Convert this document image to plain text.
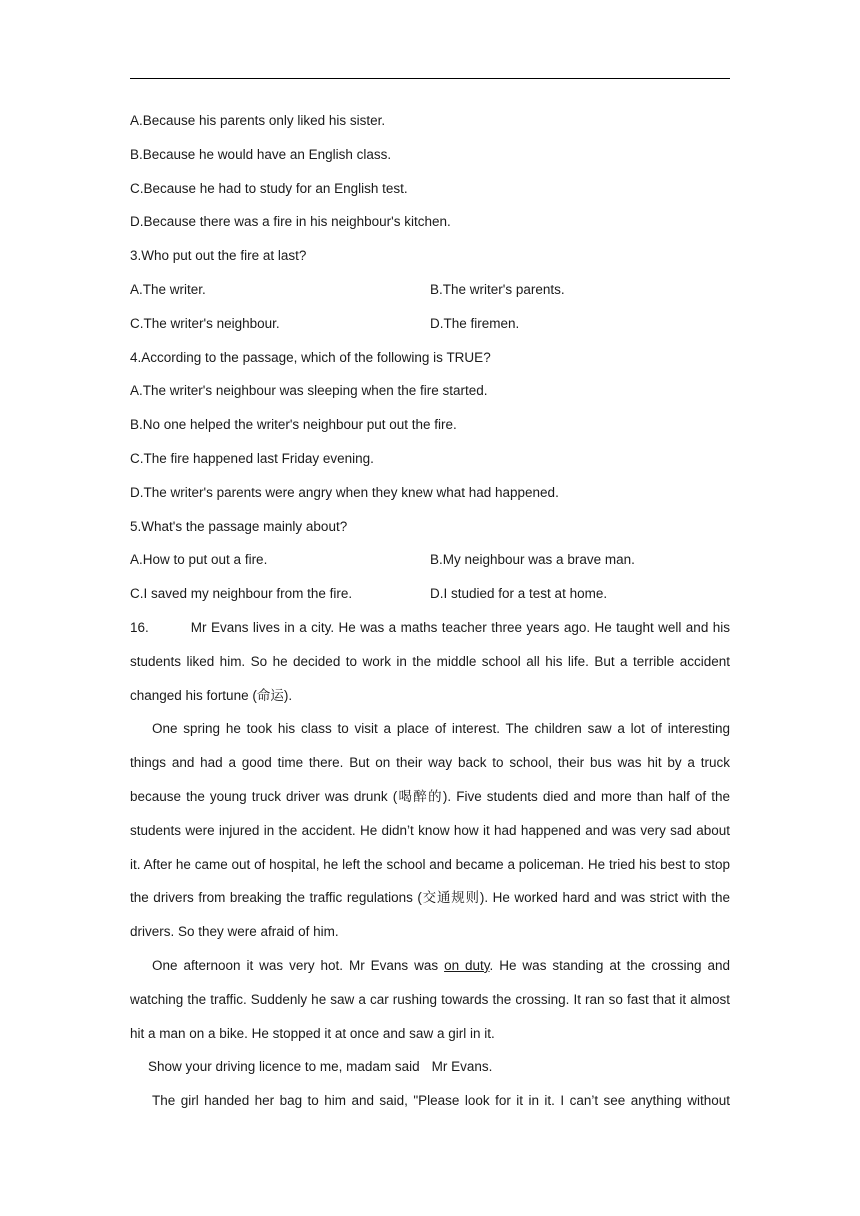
A.Because his parents only liked his sister.

B.Because he would have an English class.

C.Because he had to study for an English test.

D.Because there was a fire in his neighbour's kitchen.

3.Who put out the fire at last?

A.The writer.	B.The writer's parents.
C.The writer's neighbour.	D.The firemen.

4.According to the passage, which of the following is TRUE?

A.The writer's neighbour was sleeping when the fire started.

B.No one helped the writer's neighbour put out the fire.

C.The fire happened last Friday evening.

D.The writer's parents were angry when they knew what had happened.

5.What's the passage mainly about?

A.How to put out a fire.	B.My neighbour was a brave man.
C.I saved my neighbour from the fire.	D.I studied for a test at home.

16.	Mr Evans lives in a city. He was a maths teacher three years ago. He taught well and his students liked him. So he decided to work in the middle school all his life. But a terrible accident changed his fortune (命运).

One spring he took his class to visit a place of interest. The children saw a lot of interesting things and had a good time there. But on their way back to school, their bus was hit by a truck because the young truck driver was drunk (喝醉的). Five students died and more than half of the students were injured in the accident. He didn’t know how it had happened and was very sad about it. After he came out of hospital, he left the school and became a policeman. He tried his best to stop the drivers from breaking the traffic regulations (交通规则). He worked hard and was strict with the drivers. So they were afraid of him.

One afternoon it was very hot. Mr Evans was on duty. He was standing at the crossing and watching the traffic. Suddenly he saw a car rushing towards the crossing. It ran so fast that it almost hit a man on a bike. He stopped it at once and saw a girl in it.

Show your driving licence to me, madam said Mr Evans.

The girl handed her bag to him and said, "Please look for it in it. I can’t see anything without
